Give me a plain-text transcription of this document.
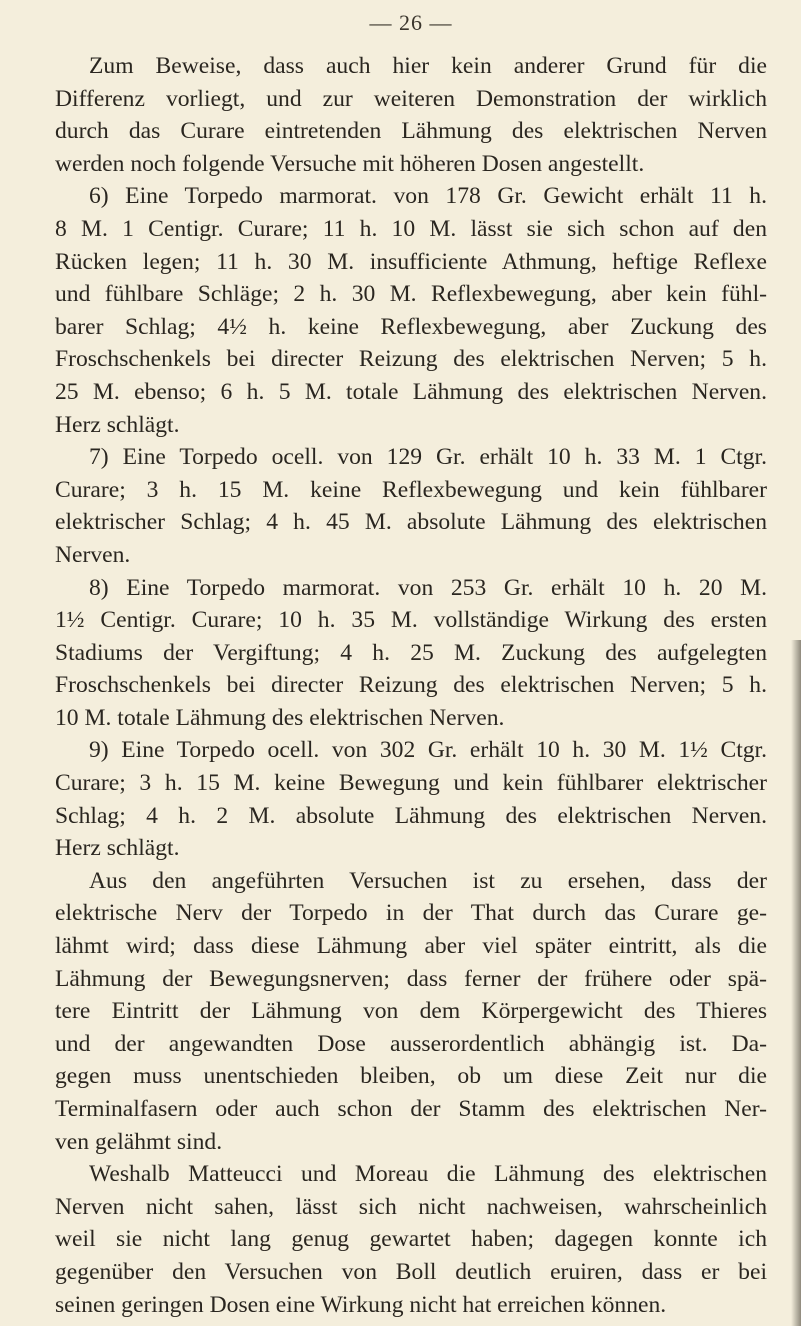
— 26 —
Zum Beweise, dass auch hier kein anderer Grund für die
Differenz vorliegt, und zur weiteren Demonstration der wirklich
durch das Curare eintretenden Lähmung des elektrischen Nerven
werden noch folgende Versuche mit höheren Dosen angestellt.
6) Eine Torpedo marmorat. von 178 Gr. Gewicht erhält 11 h.
8 M. 1 Centigr. Curare; 11 h. 10 M. lässt sie sich schon auf den
Rücken legen; 11 h. 30 M. insufficiente Athmung, heftige Reflexe
und fühlbare Schläge; 2 h. 30 M. Reflexbewegung, aber kein fühl-
barer Schlag; 4½ h. keine Reflexbewegung, aber Zuckung des
Froschschenkels bei directer Reizung des elektrischen Nerven; 5 h.
25 M. ebenso; 6 h. 5 M. totale Lähmung des elektrischen Nerven.
Herz schlägt.
7) Eine Torpedo ocell. von 129 Gr. erhält 10 h. 33 M. 1 Ctgr.
Curare; 3 h. 15 M. keine Reflexbewegung und kein fühlbarer
elektrischer Schlag; 4 h. 45 M. absolute Lähmung des elektrischen
Nerven.
8) Eine Torpedo marmorat. von 253 Gr. erhält 10 h. 20 M.
1½ Centigr. Curare; 10 h. 35 M. vollständige Wirkung des ersten
Stadiums der Vergiftung; 4 h. 25 M. Zuckung des aufgelegten
Froschschenkels bei directer Reizung des elektrischen Nerven; 5 h.
10 M. totale Lähmung des elektrischen Nerven.
9) Eine Torpedo ocell. von 302 Gr. erhält 10 h. 30 M. 1½ Ctgr.
Curare; 3 h. 15 M. keine Bewegung und kein fühlbarer elektrischer
Schlag; 4 h. 2 M. absolute Lähmung des elektrischen Nerven.
Herz schlägt.
Aus den angeführten Versuchen ist zu ersehen, dass der
elektrische Nerv der Torpedo in der That durch das Curare ge-
lähmt wird; dass diese Lähmung aber viel später eintritt, als die
Lähmung der Bewegungsnerven; dass ferner der frühere oder spä-
tere Eintritt der Lähmung von dem Körpergewicht des Thieres
und der angewandten Dose ausserordentlich abhängig ist. Da-
gegen muss unentschieden bleiben, ob um diese Zeit nur die
Terminalfasern oder auch schon der Stamm des elektrischen Ner-
ven gelähmt sind.
Weshalb Matteucci und Moreau die Lähmung des elektrischen
Nerven nicht sahen, lässt sich nicht nachweisen, wahrscheinlich
weil sie nicht lang genug gewartet haben; dagegen konnte ich
gegenüber den Versuchen von Boll deutlich eruiren, dass er bei
seinen geringen Dosen eine Wirkung nicht hat erreichen können.
